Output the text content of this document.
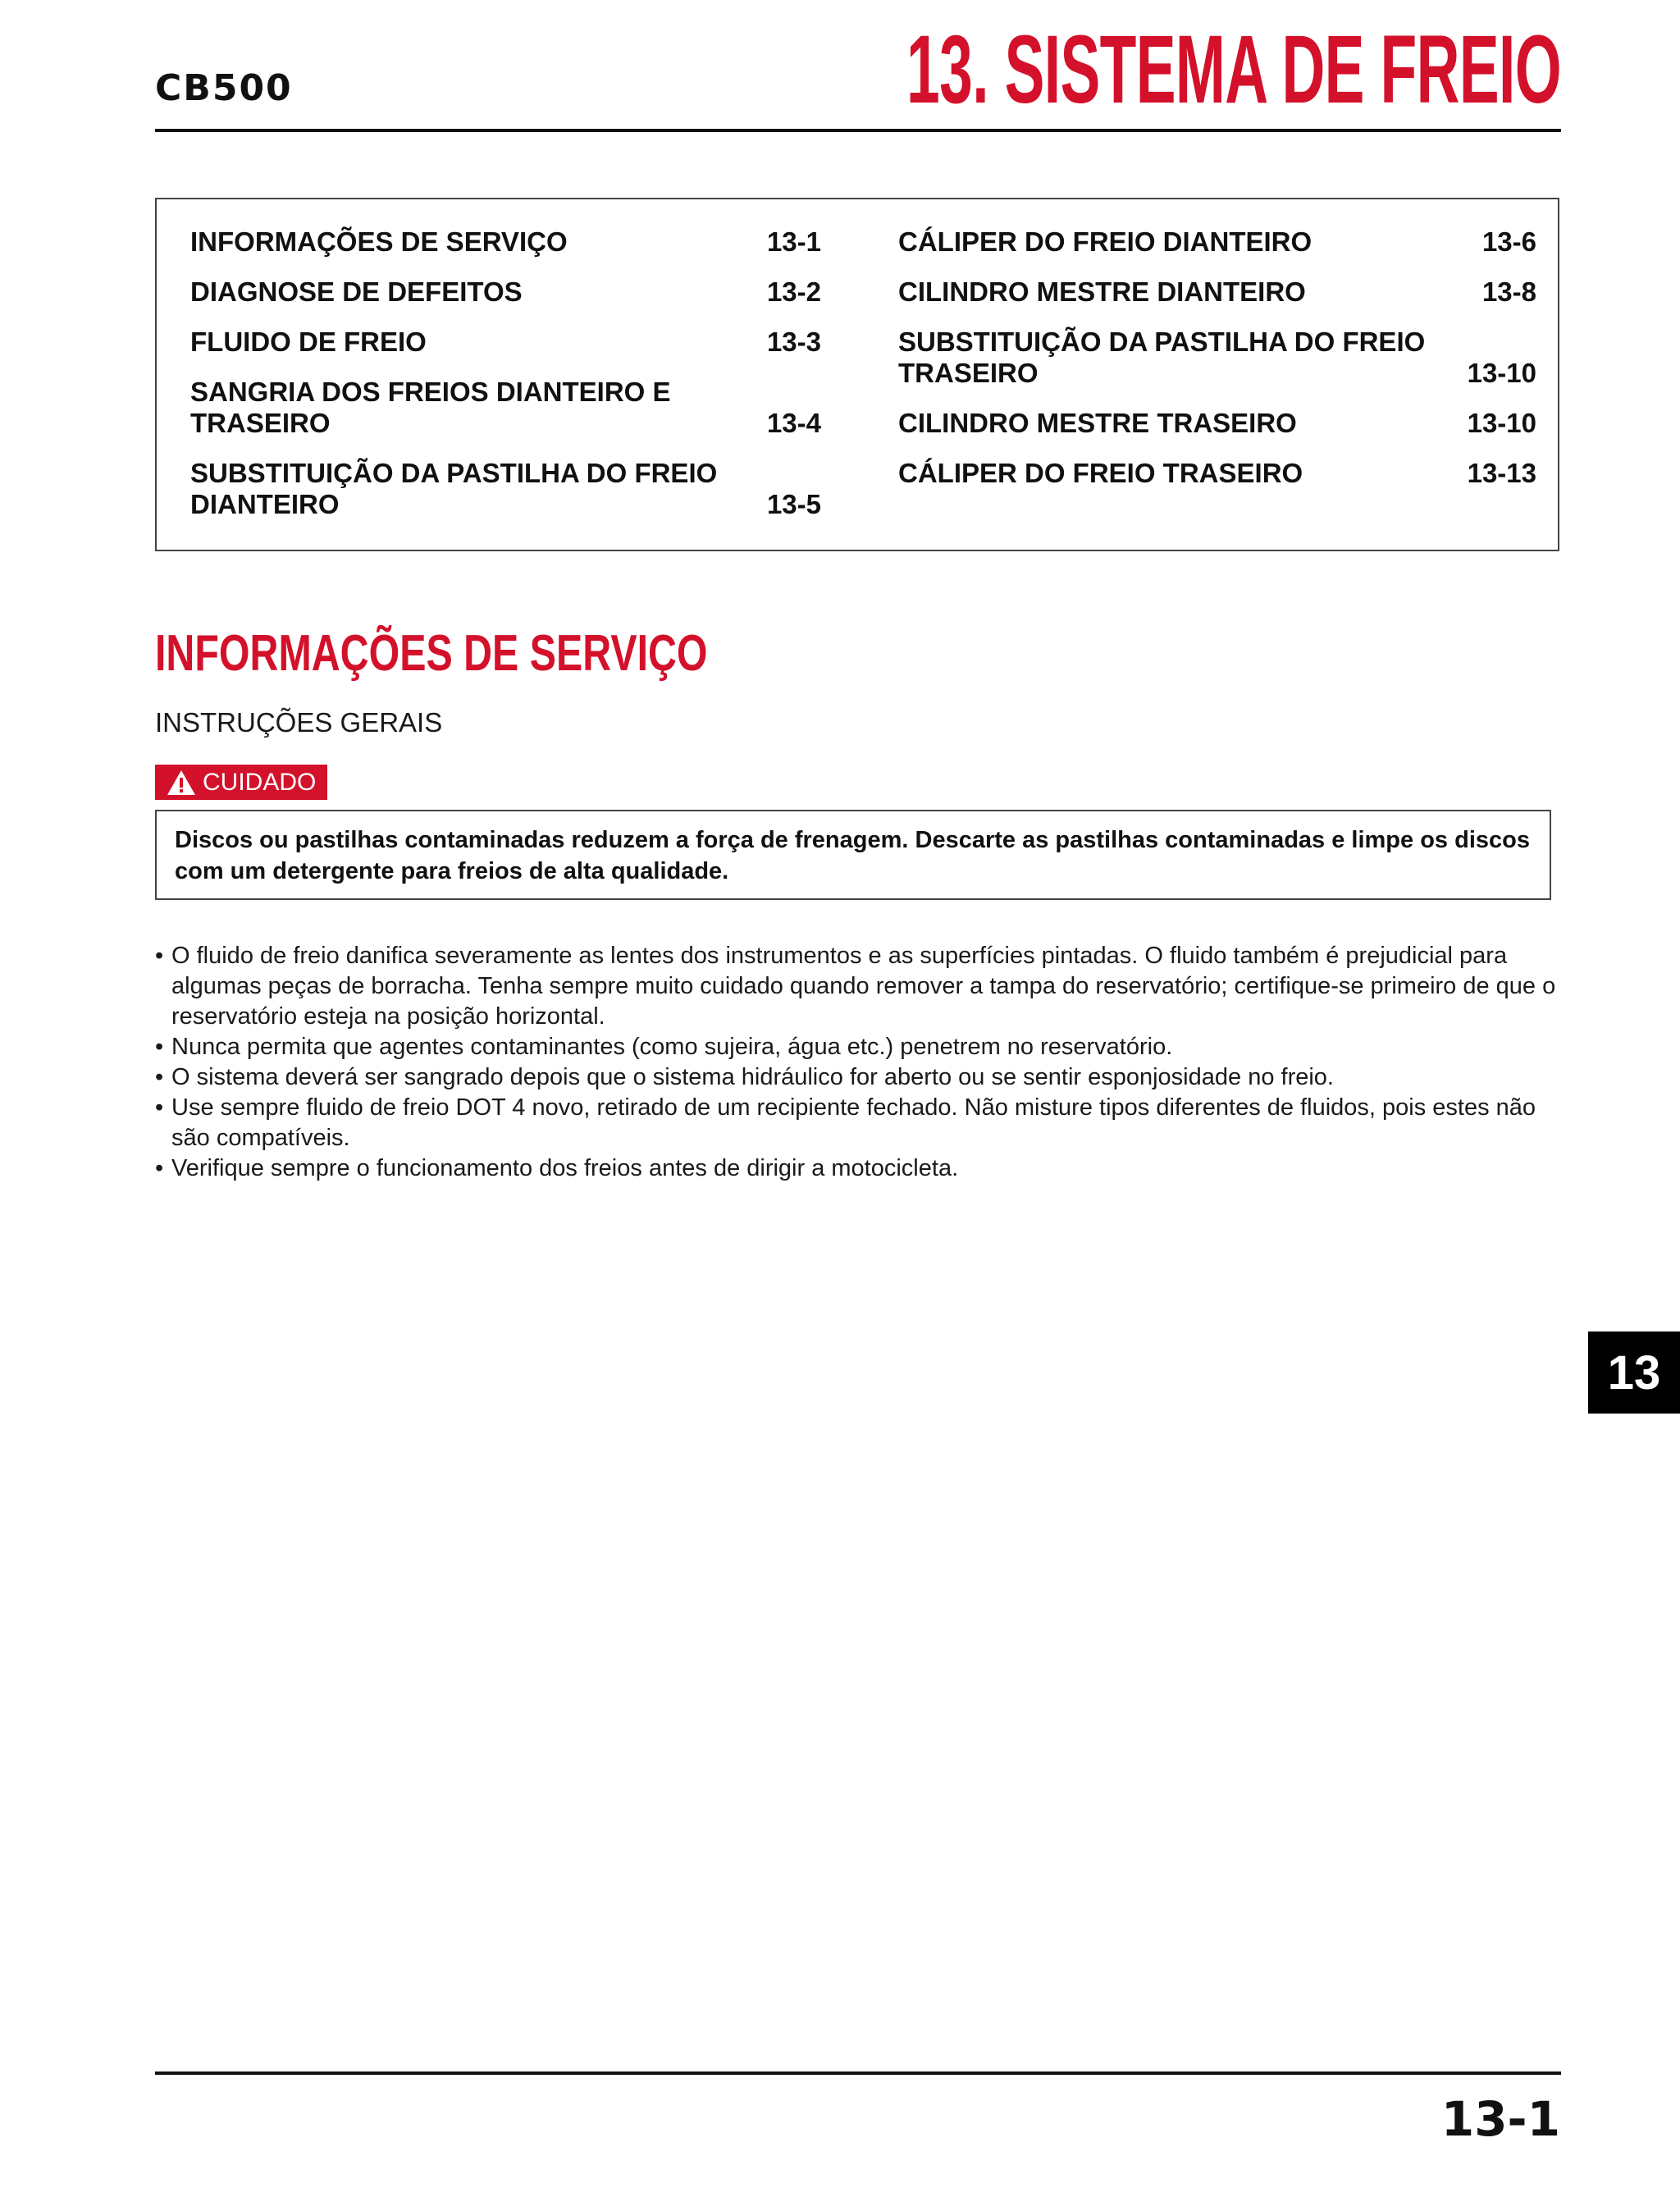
CB500	13. SISTEMA DE FREIO
INFORMAÇÕES DE SERVIÇO	13-1
DIAGNOSE DE DEFEITOS	13-2
FLUIDO DE FREIO	13-3
SANGRIA DOS FREIOS DIANTEIRO E TRASEIRO	13-4
SUBSTITUIÇÃO DA PASTILHA DO FREIO DIANTEIRO	13-5
CÁLIPER DO FREIO DIANTEIRO	13-6
CILINDRO MESTRE DIANTEIRO	13-8
SUBSTITUIÇÃO DA PASTILHA DO FREIO TRASEIRO	13-10
CILINDRO MESTRE TRASEIRO	13-10
CÁLIPER DO FREIO TRASEIRO	13-13
INFORMAÇÕES DE SERVIÇO
INSTRUÇÕES GERAIS
CUIDADO
Discos ou pastilhas contaminadas reduzem a força de frenagem. Descarte as pastilhas contaminadas e limpe os discos com um detergente para freios de alta qualidade.
• O fluido de freio danifica severamente as lentes dos instrumentos e as superfícies pintadas. O fluido também é prejudicial para algumas peças de borracha. Tenha sempre muito cuidado quando remover a tampa do reservatório; certifique-se primeiro de que o reservatório esteja na posição horizontal.
• Nunca permita que agentes contaminantes (como sujeira, água etc.) penetrem no reservatório.
• O sistema deverá ser sangrado depois que o sistema hidráulico for aberto ou se sentir esponjosidade no freio.
• Use sempre fluido de freio DOT 4 novo, retirado de um recipiente fechado. Não misture tipos diferentes de fluidos, pois estes não são compatíveis.
• Verifique sempre o funcionamento dos freios antes de dirigir a motocicleta.
13
13-1
